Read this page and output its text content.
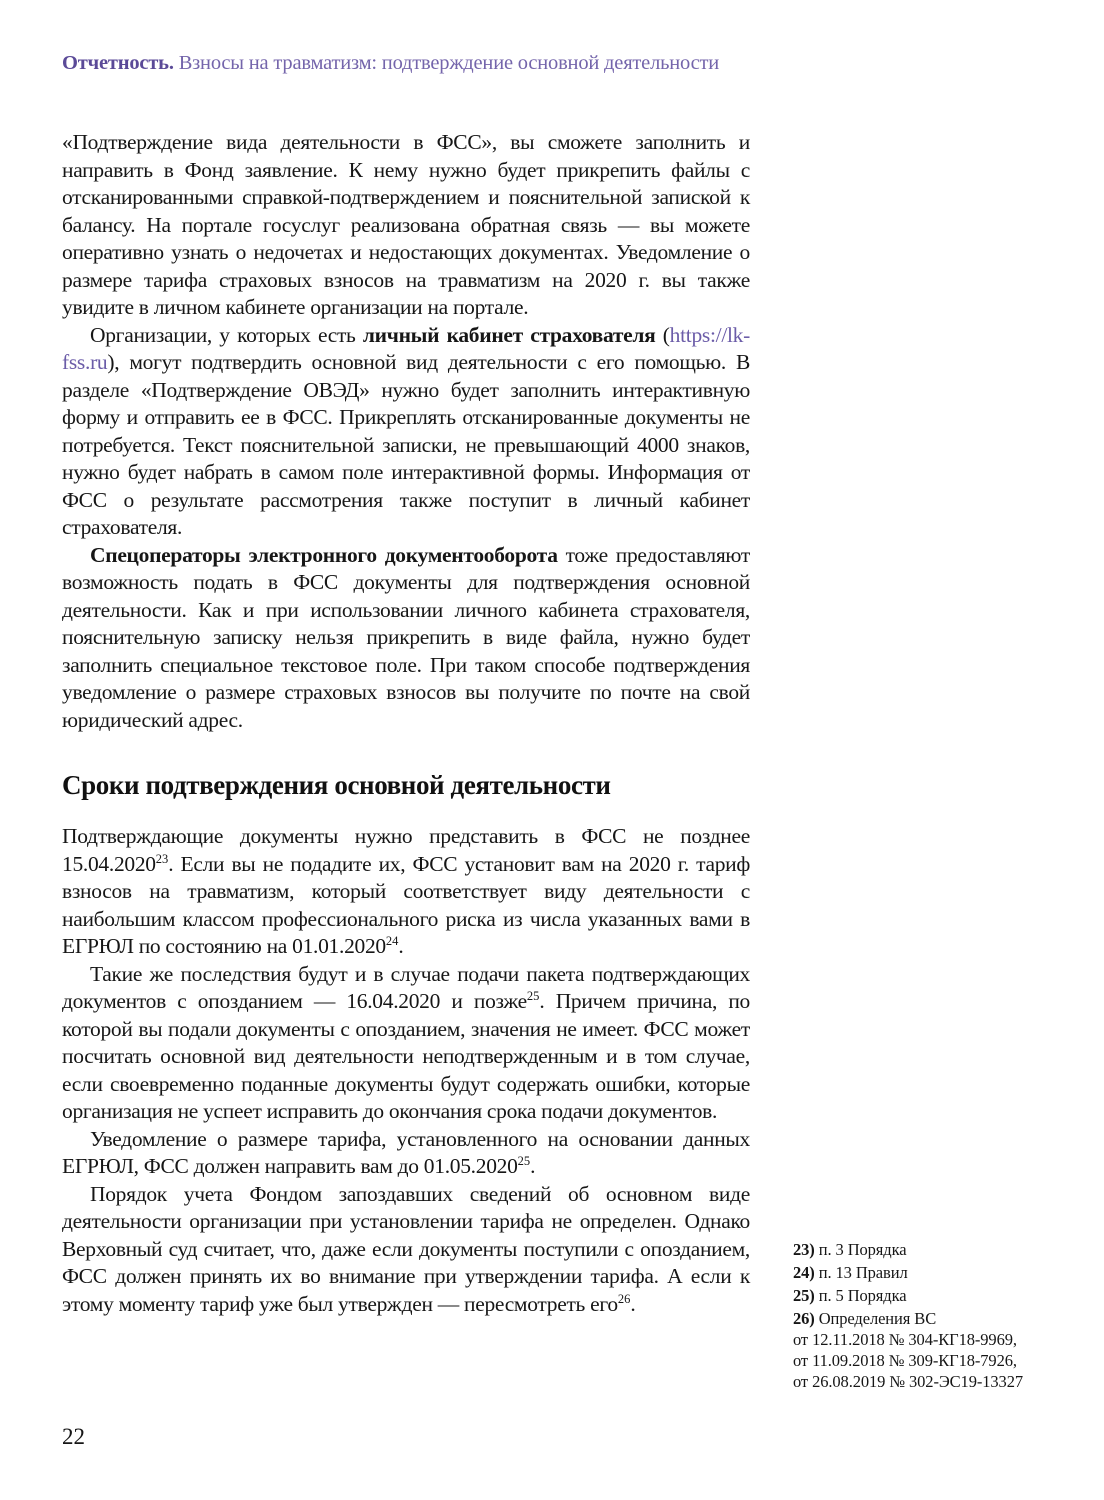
Отчетность. Взносы на травматизм: подтверждение основной деятельности

«Подтверждение вида деятельности в ФСС», вы сможете заполнить и направить в Фонд заявление. К нему нужно будет прикрепить файлы с отсканированными справкой-подтверждением и пояснительной запиской к балансу. На портале госуслуг реализована обратная связь — вы можете оперативно узнать о недочетах и недостающих документах. Уведомление о размере тарифа страховых взносов на травматизм на 2020 г. вы также увидите в личном кабинете организации на портале.

Организации, у которых есть личный кабинет страхователя (https://lk-fss.ru), могут подтвердить основной вид деятельности с его помощью. В разделе «Подтверждение ОВЭД» нужно будет заполнить интерактивную форму и отправить ее в ФСС. Прикреплять отсканированные документы не потребуется. Текст пояснительной записки, не превышающий 4000 знаков, нужно будет набрать в самом поле интерактивной формы. Информация от ФСС о результате рассмотрения также поступит в личный кабинет страхователя.

Спецоператоры электронного документооборота тоже предоставляют возможность подать в ФСС документы для подтверждения основной деятельности. Как и при использовании личного кабинета страхователя, пояснительную записку нельзя прикрепить в виде файла, нужно будет заполнить специальное текстовое поле. При таком способе подтверждения уведомление о размере страховых взносов вы получите по почте на свой юридический адрес.

Сроки подтверждения основной деятельности

Подтверждающие документы нужно представить в ФСС не позднее 15.04.2020$^{23}$. Если вы не подадите их, ФСС установит вам на 2020 г. тариф взносов на травматизм, который соответствует виду деятельности с наибольшим классом профессионального риска из числа указанных вами в ЕГРЮЛ по состоянию на 01.01.2020$^{24}$.

Такие же последствия будут и в случае подачи пакета подтверждающих документов с опозданием — 16.04.2020 и позже$^{25}$. Причем причина, по которой вы подали документы с опозданием, значения не имеет. ФСС может посчитать основной вид деятельности неподтвержденным и в том случае, если своевременно поданные документы будут содержать ошибки, которые организация не успеет исправить до окончания срока подачи документов.

Уведомление о размере тарифа, установленного на основании данных ЕГРЮЛ, ФСС должен направить вам до 01.05.2020$^{25}$.

Порядок учета Фондом запоздавших сведений об основном виде деятельности организации при установлении тарифа не определен. Однако Верховный суд считает, что, даже если документы поступили с опозданием, ФСС должен принять их во внимание при утверждении тарифа. А если к этому моменту тариф уже был утвержден — пересмотреть его$^{26}$.

23) п. 3 Порядка
24) п. 13 Правил
25) п. 5 Порядка
26) Определения ВС
от 12.11.2018 № 304-КГ18-9969,
от 11.09.2018 № 309-КГ18-7926,
от 26.08.2019 № 302-ЭС19-13327
22
